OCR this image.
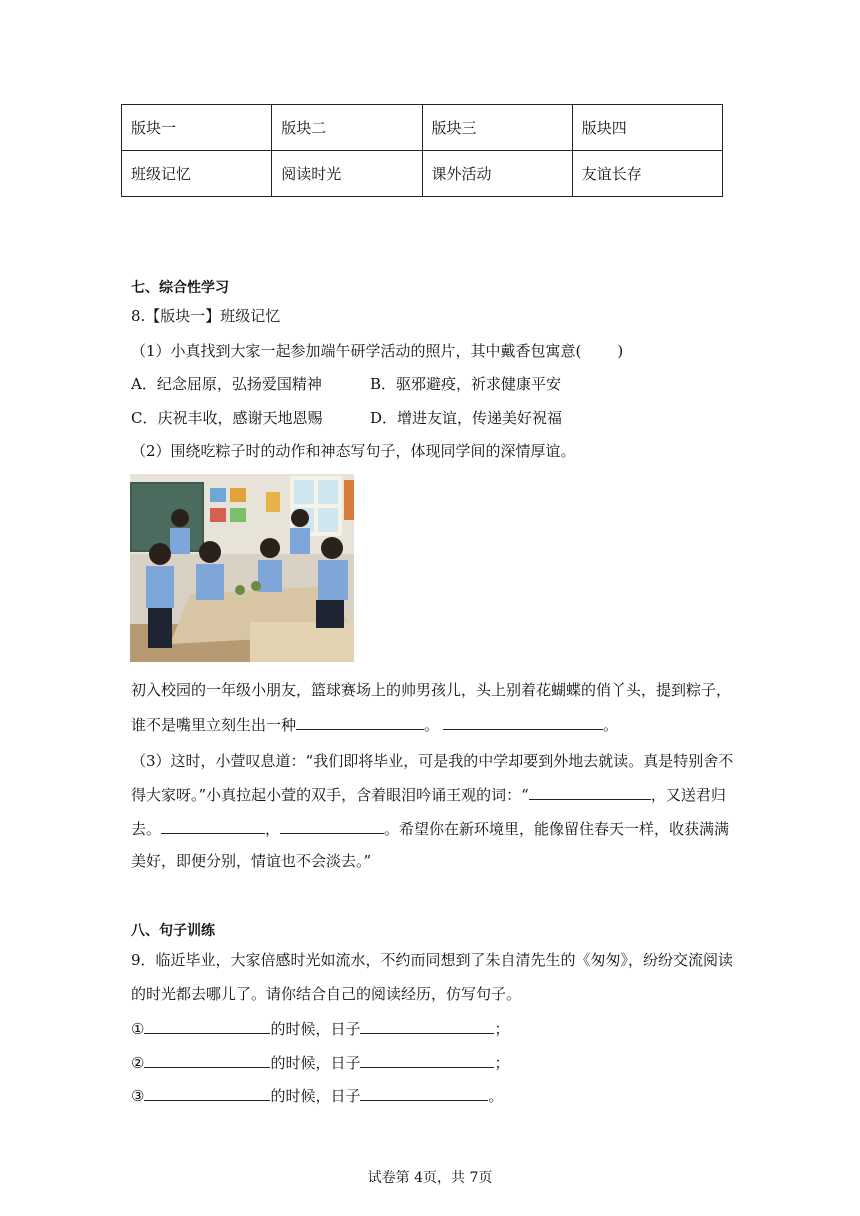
版块一	版块二	版块三	版块四
班级记忆	阅读时光	课外活动	友谊长存
七、综合性学习
8.【版块一】班级记忆
（1）小真找到大家一起参加端午研学活动的照片，其中戴香包寓意( )
A．纪念屈原，弘扬爱国精神	B．驱邪避疫，祈求健康平安
C．庆祝丰收，感谢天地恩赐	D．增进友谊，传递美好祝福
（2）围绕吃粽子时的动作和神态写句子，体现同学间的深情厚谊。
初入校园的一年级小朋友，篮球赛场上的帅男孩儿，头上别着花蝴蝶的俏丫头，提到粽子，
谁不是嘴里立刻生出一种	。	。
（3）这时，小萱叹息道：“我们即将毕业，可是我的中学却要到外地去就读。真是特别舍不
得大家呀。”小真拉起小萱的双手，含着眼泪吟诵王观的词：“	，又送君归
去。	，	。希望你在新环境里，能像留住春天一样，收获满满
美好，即便分别，情谊也不会淡去。”
八、句子训练
9．临近毕业，大家倍感时光如流水，不约而同想到了朱自清先生的《匆匆》，纷纷交流阅读
的时光都去哪儿了。请你结合自己的阅读经历，仿写句子。
①	的时候，日子	；
②	的时候，日子	；
③	的时候，日子	。
试卷第 4页，共 7页
